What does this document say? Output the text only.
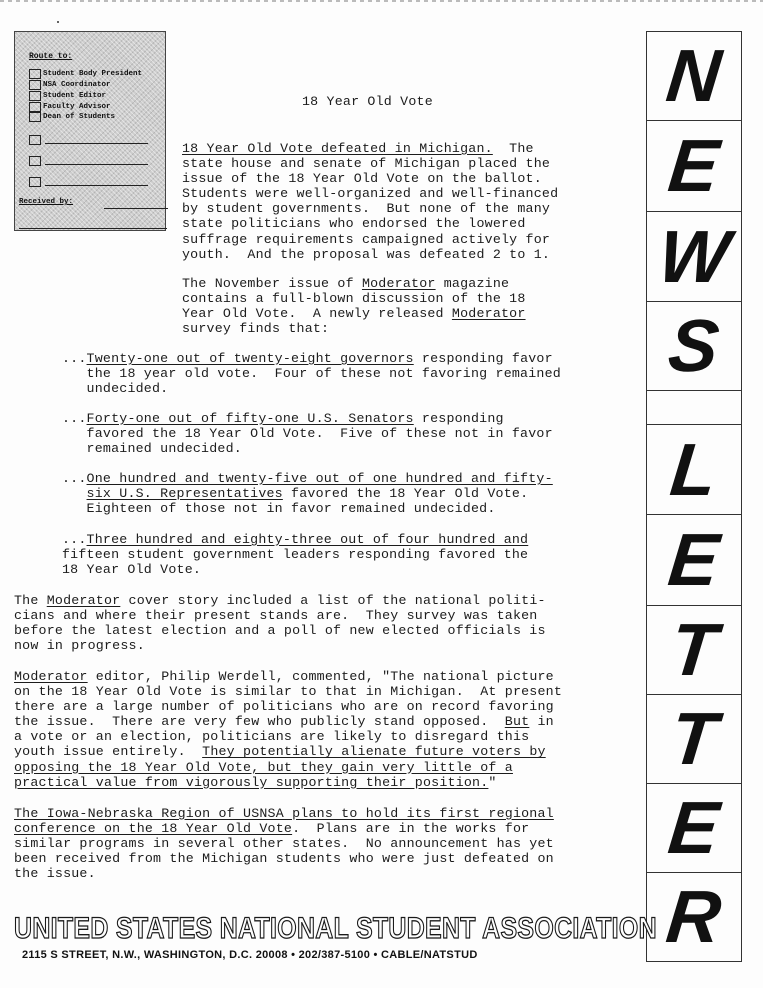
Route to:
Student Body President
NSA Coordinator
Student Editor
Faculty Advisor
Dean of Students
Received by:
18 Year Old Vote
18 Year Old Vote defeated in Michigan.  The
state house and senate of Michigan placed the
issue of the 18 Year Old Vote on the ballot.
Students were well-organized and well-financed
by student governments.  But none of the many
state politicians who endorsed the lowered
suffrage requirements campaigned actively for
youth.  And the proposal was defeated 2 to 1.
The November issue of Moderator magazine
contains a full-blown discussion of the 18
Year Old Vote.  A newly released Moderator
survey finds that:
...Twenty-one out of twenty-eight governors responding favor
the 18 year old vote.  Four of these not favoring remained
undecided.
...Forty-one out of fifty-one U.S. Senators responding
favored the 18 Year Old Vote.  Five of these not in favor
remained undecided.
...One hundred and twenty-five out of one hundred and fifty-
six U.S. Representatives favored the 18 Year Old Vote.
Eighteen of those not in favor remained undecided.
...Three hundred and eighty-three out of four hundred and
fifteen student government leaders responding favored the
18 Year Old Vote.
The Moderator cover story included a list of the national politi-
cians and where their present stands are.  They survey was taken
before the latest election and a poll of new elected officials is
now in progress.
Moderator editor, Philip Werdell, commented, "The national picture
on the 18 Year Old Vote is similar to that in Michigan.  At present
there are a large number of politicians who are on record favoring
the issue.  There are very few who publicly stand opposed.  But in
a vote or an election, politicians are likely to disregard this
youth issue entirely.  They potentially alienate future voters by
opposing the 18 Year Old Vote, but they gain very little of a
practical value from vigorously supporting their position."
The Iowa-Nebraska Region of USNSA plans to hold its first regional
conference on the 18 Year Old Vote.  Plans are in the works for
similar programs in several other states.  No announcement has yet
been received from the Michigan students who were just defeated on
the issue.
N
E
W
S
L
E
T
T
E
R
UNITED STATES NATIONAL STUDENT ASSOCIATION
2115 S STREET, N.W., WASHINGTON, D.C. 20008 • 202/387-5100 • CABLE/NATSTUD
